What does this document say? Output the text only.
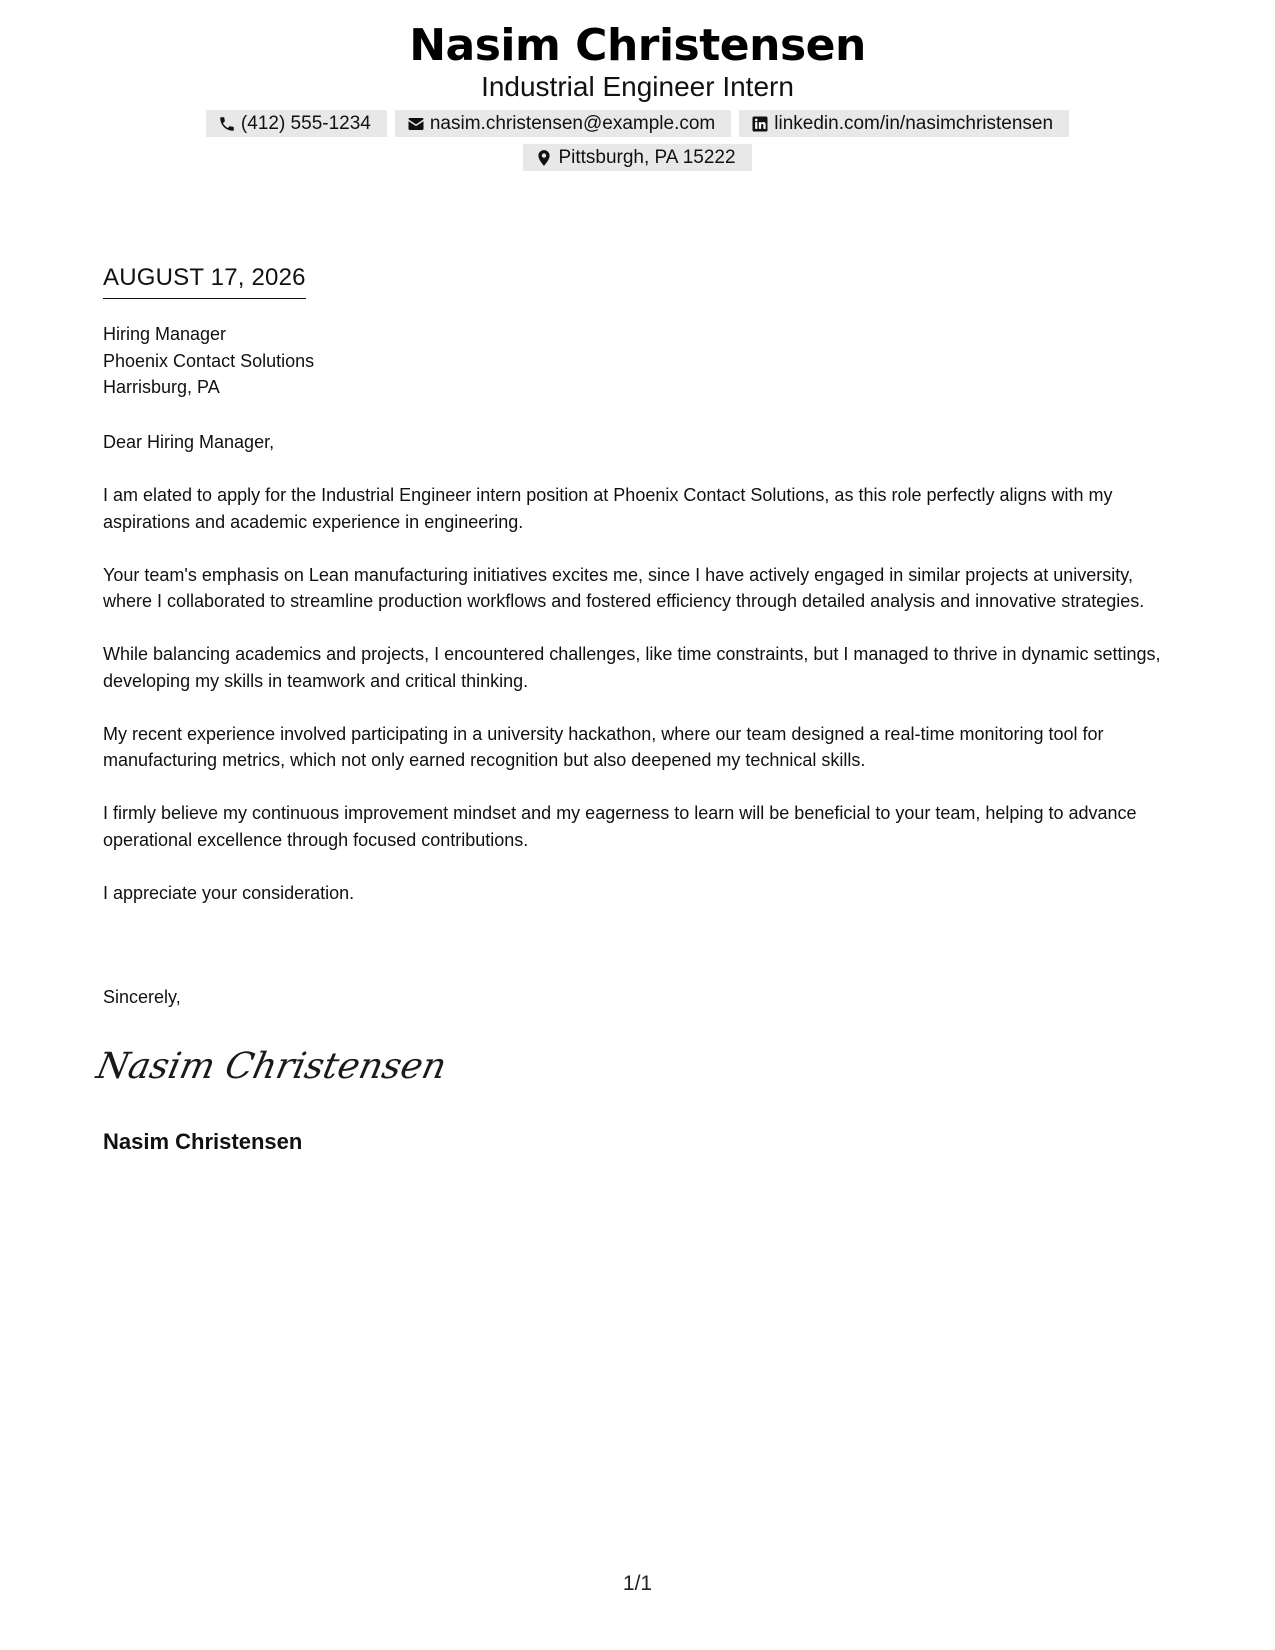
Nasim Christensen
Industrial Engineer Intern
(412) 555-1234	nasim.christensen@example.com	linkedin.com/in/nasimchristensen
Pittsburgh, PA 15222
AUGUST 17, 2026
Hiring Manager
Phoenix Contact Solutions
Harrisburg, PA

Dear Hiring Manager,

I am elated to apply for the Industrial Engineer intern position at Phoenix Contact Solutions, as this role perfectly aligns with my aspirations and academic experience in engineering.

Your team's emphasis on Lean manufacturing initiatives excites me, since I have actively engaged in similar projects at university, where I collaborated to streamline production workflows and fostered efficiency through detailed analysis and innovative strategies.

While balancing academics and projects, I encountered challenges, like time constraints, but I managed to thrive in dynamic settings, developing my skills in teamwork and critical thinking.

My recent experience involved participating in a university hackathon, where our team designed a real-time monitoring tool for manufacturing metrics, which not only earned recognition but also deepened my technical skills.

I firmly believe my continuous improvement mindset and my eagerness to learn will be beneficial to your team, helping to advance operational excellence through focused contributions.

I appreciate your consideration.

Sincerely,
Nasim Christensen
Nasim Christensen
1/1
